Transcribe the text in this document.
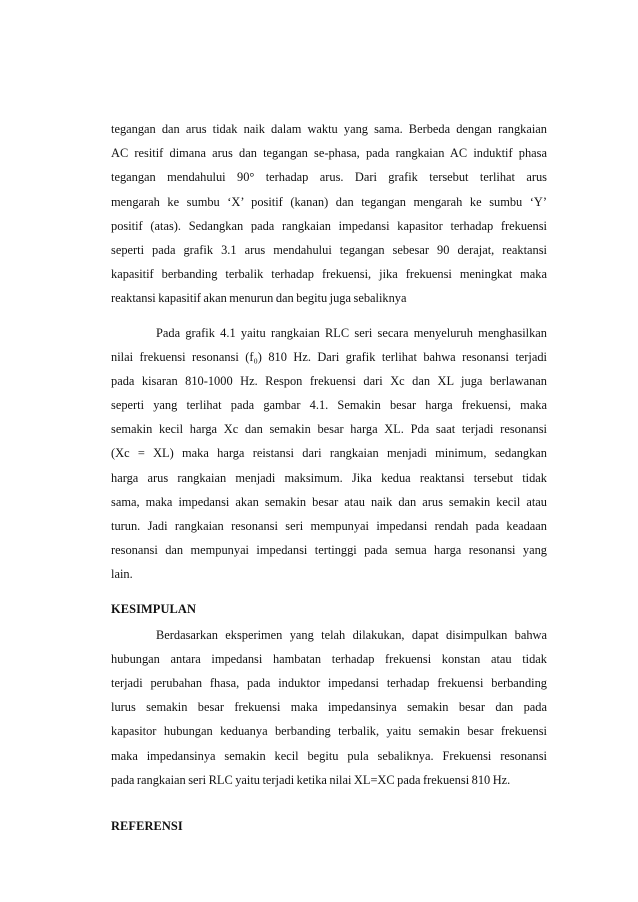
tegangan dan arus tidak naik dalam waktu yang sama. Berbeda dengan rangkaian
AC resitif dimana arus dan tegangan se-phasa, pada rangkaian AC induktif phasa
tegangan mendahului 90° terhadap arus. Dari grafik tersebut terlihat arus
mengarah ke sumbu ‘X’ positif (kanan) dan tegangan mengarah ke sumbu ‘Y’
positif (atas). Sedangkan pada rangkaian impedansi kapasitor terhadap frekuensi
seperti pada grafik 3.1 arus mendahului tegangan sebesar 90 derajat, reaktansi
kapasitif berbanding terbalik terhadap frekuensi, jika frekuensi meningkat maka
reaktansi kapasitif akan menurun dan begitu juga sebaliknya
Pada grafik 4.1 yaitu rangkaian RLC seri secara menyeluruh menghasilkan
nilai frekuensi resonansi (f₀) 810 Hz. Dari grafik terlihat bahwa resonansi terjadi
pada kisaran 810-1000 Hz. Respon frekuensi dari Xc dan XL juga berlawanan
seperti yang terlihat pada gambar 4.1. Semakin besar harga frekuensi, maka
semakin kecil harga Xc dan semakin besar harga XL. Pda saat terjadi resonansi
(Xc = XL) maka harga reistansi dari rangkaian menjadi minimum, sedangkan
harga arus rangkaian menjadi maksimum. Jika kedua reaktansi tersebut tidak
sama, maka impedansi akan semakin besar atau naik dan arus semakin kecil atau
turun. Jadi rangkaian resonansi seri mempunyai impedansi rendah pada keadaan
resonansi dan mempunyai impedansi tertinggi pada semua harga resonansi yang
lain.
KESIMPULAN
Berdasarkan eksperimen yang telah dilakukan, dapat disimpulkan bahwa
hubungan antara impedansi hambatan terhadap frekuensi konstan atau tidak
terjadi perubahan fhasa, pada induktor impedansi terhadap frekuensi berbanding
lurus semakin besar frekuensi maka impedansinya semakin besar dan pada
kapasitor hubungan keduanya berbanding terbalik, yaitu semakin besar frekuensi
maka impedansinya semakin kecil begitu pula sebaliknya. Frekuensi resonansi
pada rangkaian seri RLC yaitu terjadi ketika nilai XL=XC pada frekuensi 810 Hz.
REFERENSI
